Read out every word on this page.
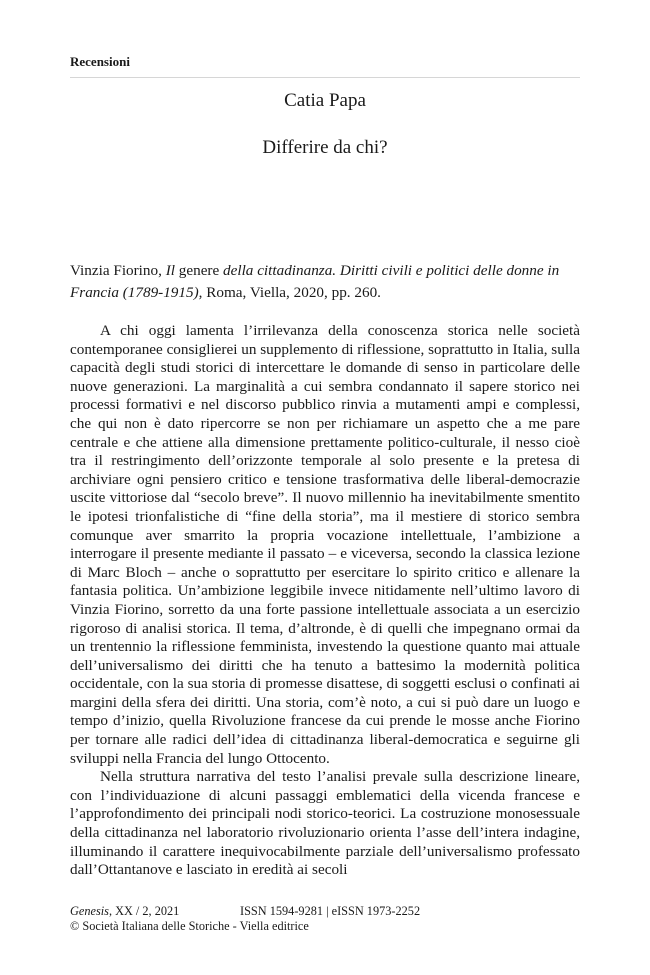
Recensioni
Catia Papa
Differire da chi?
Vinzia Fiorino, Il genere della cittadinanza. Diritti civili e politici delle donne in Francia (1789-1915), Roma, Viella, 2020, pp. 260.

A chi oggi lamenta l’irrilevanza della conoscenza storica nelle società contemporanee consiglierei un supplemento di riflessione, soprattutto in Italia, sulla capacità degli studi storici di intercettare le domande di senso in particolare delle nuove generazioni. La marginalità a cui sembra condannato il sapere storico nei processi formativi e nel discorso pubblico rinvia a mutamenti ampi e complessi, che qui non è dato ripercorre se non per richiamare un aspetto che a me pare centrale e che attiene alla dimensione prettamente politico-culturale, il nesso cioè tra il restringimento dell’orizzonte temporale al solo presente e la pretesa di archiviare ogni pensiero critico e tensione trasformativa delle liberal-democrazie uscite vittoriose dal “secolo breve”. Il nuovo millennio ha inevitabilmente smentito le ipotesi trionfalistiche di “fine della storia”, ma il mestiere di storico sembra comunque aver smarrito la propria vocazione intellettuale, l’ambizione a interrogare il presente mediante il passato – e viceversa, secondo la classica lezione di Marc Bloch – anche o soprattutto per esercitare lo spirito critico e allenare la fantasia politica. Un’ambizione leggibile invece nitidamente nell’ultimo lavoro di Vinzia Fiorino, sorretto da una forte passione intellettuale associata a un esercizio rigoroso di analisi storica. Il tema, d’altronde, è di quelli che impegnano ormai da un trentennio la riflessione femminista, investendo la questione quanto mai attuale dell’universalismo dei diritti che ha tenuto a battesimo la modernità politica occidentale, con la sua storia di promesse disattese, di soggetti esclusi o confinati ai margini della sfera dei diritti. Una storia, com’è noto, a cui si può dare un luogo e tempo d’inizio, quella Rivoluzione francese da cui prende le mosse anche Fiorino per tornare alle radici dell’idea di cittadinanza liberal-democratica e seguirne gli sviluppi nella Francia del lungo Ottocento.

Nella struttura narrativa del testo l’analisi prevale sulla descrizione lineare, con l’individuazione di alcuni passaggi emblematici della vicenda francese e l’approfondimento dei principali nodi storico-teorici. La costruzione monosessuale della cittadinanza nel laboratorio rivoluzionario orienta l’asse dell’intera indagine, illuminando il carattere inequivocabilmente parziale dell’universalismo professato dall’Ottantanove e lasciato in eredità ai secoli

Genesis, XX / 2, 2021	ISSN 1594-9281 | eISSN 1973-2252
© Società Italiana delle Storiche - Viella editrice
